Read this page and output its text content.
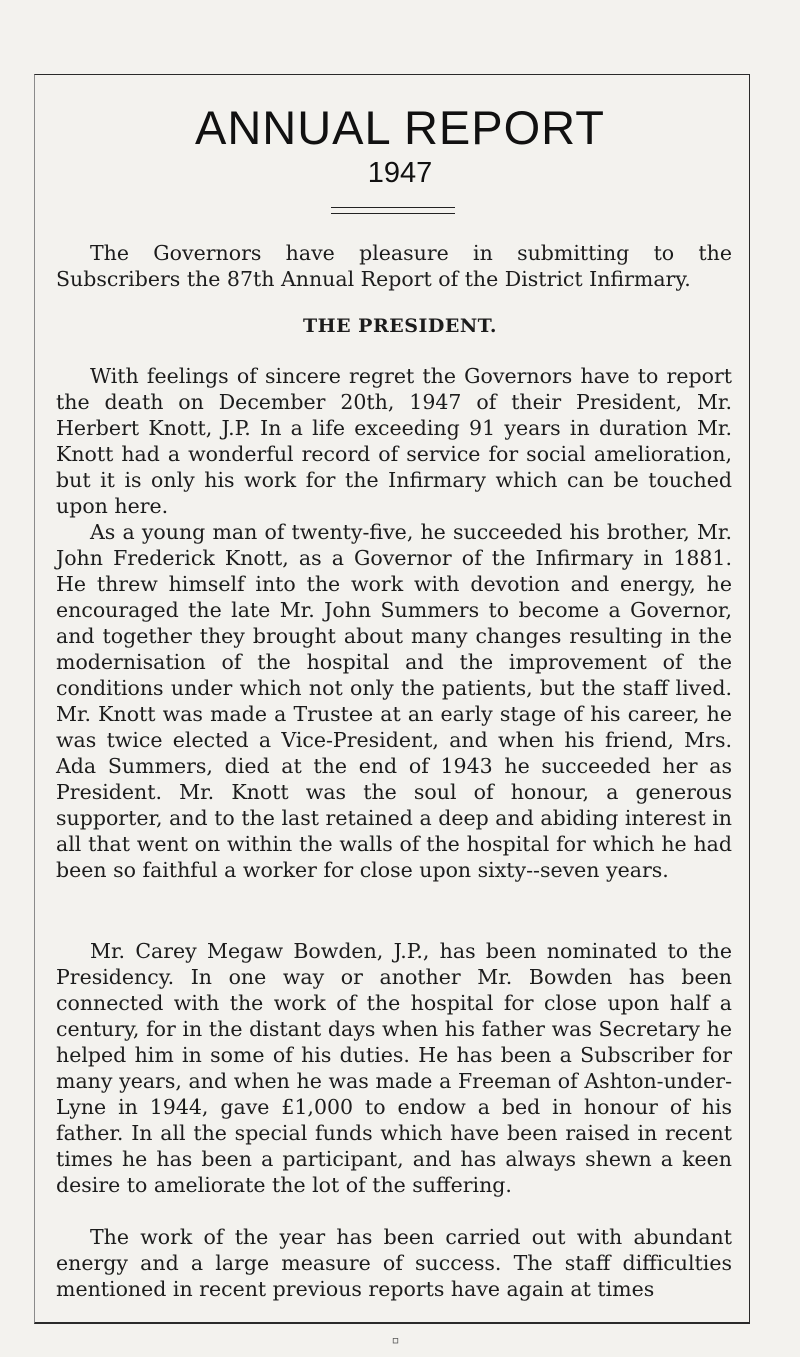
ANNUAL REPORT
1947

The Governors have pleasure in submitting to the Subscribers the 87th Annual Report of the District Infirmary.

THE PRESIDENT.

With feelings of sincere regret the Governors have to report the death on December 20th, 1947 of their President, Mr. Herbert Knott, J.P. In a life exceeding 91 years in duration Mr. Knott had a wonderful record of service for social amelioration, but it is only his work for the Infirmary which can be touched upon here.

As a young man of twenty-five, he succeeded his brother, Mr. John Frederick Knott, as a Governor of the Infirmary in 1881. He threw himself into the work with devotion and energy, he encouraged the late Mr. John Summers to become a Governor, and together they brought about many changes resulting in the modernisation of the hospital and the improvement of the conditions under which not only the patients, but the staff lived. Mr. Knott was made a Trustee at an early stage of his career, he was twice elected a Vice-President, and when his friend, Mrs. Ada Summers, died at the end of 1943 he succeeded her as President. Mr. Knott was the soul of honour, a generous supporter, and to the last retained a deep and abiding interest in all that went on within the walls of the hospital for which he had been so faithful a worker for close upon sixty--seven years.

Mr. Carey Megaw Bowden, J.P., has been nominated to the Presidency. In one way or another Mr. Bowden has been connected with the work of the hospital for close upon half a century, for in the distant days when his father was Secretary he helped him in some of his duties. He has been a Subscriber for many years, and when he was made a Freeman of Ashton-under-Lyne in 1944, gave £1,000 to endow a bed in honour of his father. In all the special funds which have been raised in recent times he has been a participant, and has always shewn a keen desire to ameliorate the lot of the suffering.

The work of the year has been carried out with abundant energy and a large measure of success. The staff difficulties mentioned in recent previous reports have again at times

⸋
